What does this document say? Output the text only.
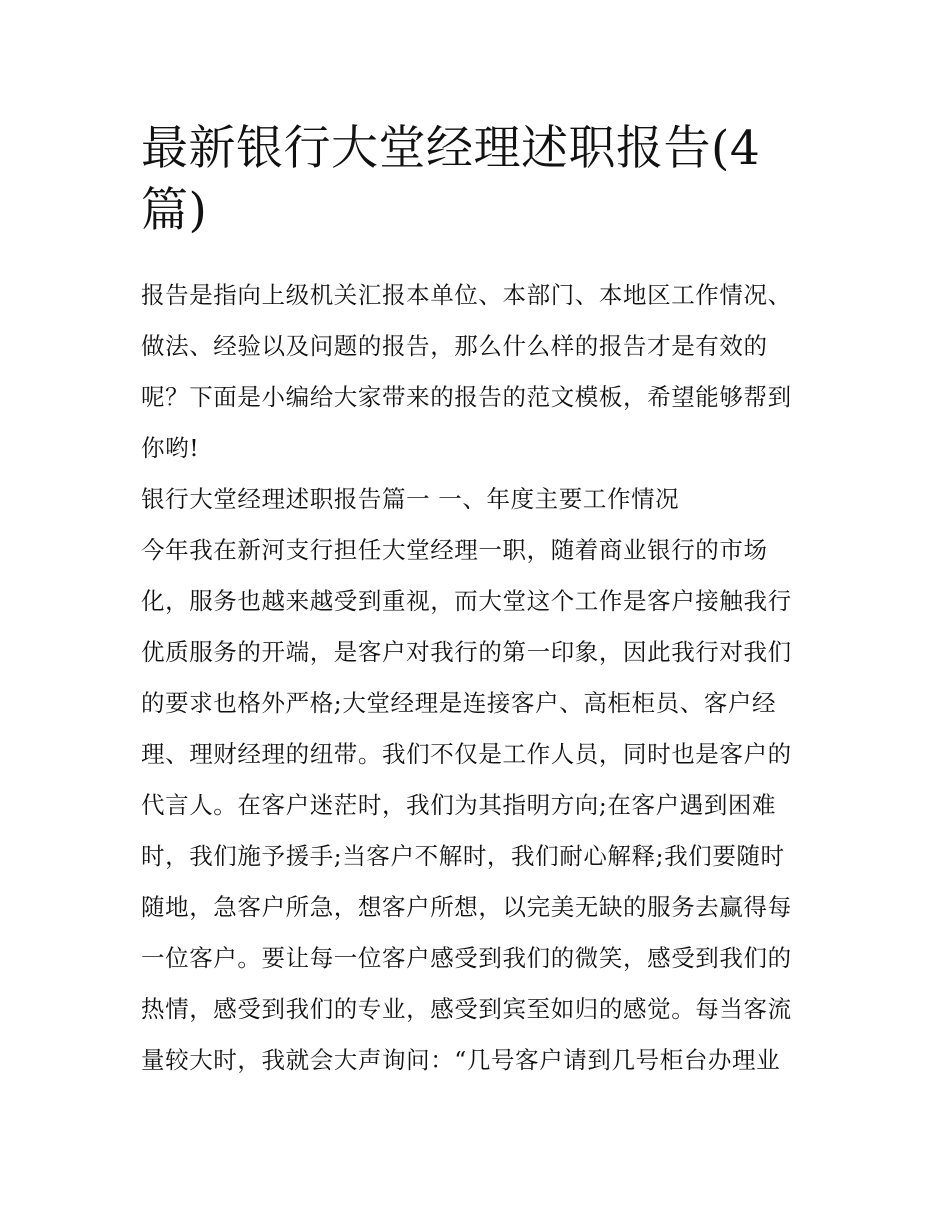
最新银行大堂经理述职报告(4
篇)
报告是指向上级机关汇报本单位、本部门、本地区工作情况、
做法、经验以及问题的报告，那么什么样的报告才是有效的
呢？下面是小编给大家带来的报告的范文模板，希望能够帮到
你哟!
银行大堂经理述职报告篇一 一、年度主要工作情况
今年我在新河支行担任大堂经理一职，随着商业银行的市场
化，服务也越来越受到重视，而大堂这个工作是客户接触我行
优质服务的开端，是客户对我行的第一印象，因此我行对我们
的要求也格外严格;大堂经理是连接客户、高柜柜员、客户经
理、理财经理的纽带。我们不仅是工作人员，同时也是客户的
代言人。在客户迷茫时，我们为其指明方向;在客户遇到困难
时，我们施予援手;当客户不解时，我们耐心解释;我们要随时
随地，急客户所急，想客户所想，以完美无缺的服务去赢得每
一位客户。要让每一位客户感受到我们的微笑，感受到我们的
热情，感受到我们的专业，感受到宾至如归的感觉。每当客流
量较大时，我就会大声询问：“几号客户请到几号柜台办理业
